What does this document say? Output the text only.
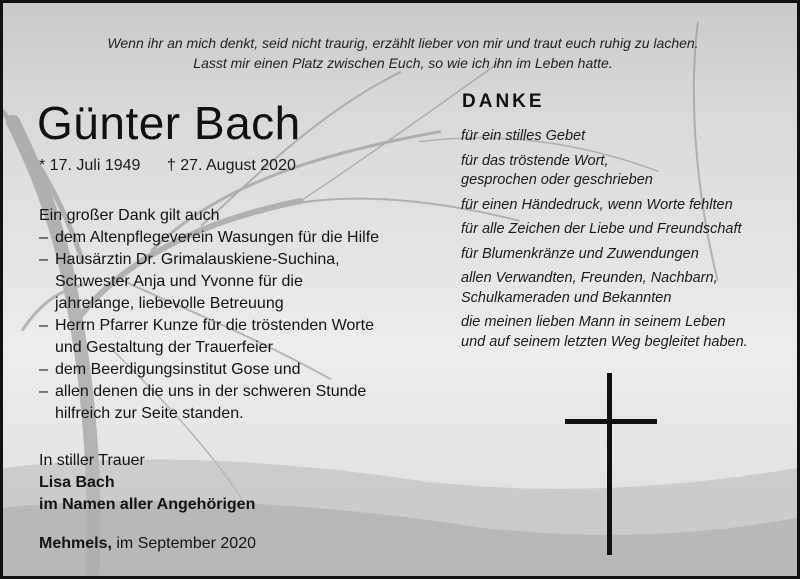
Wenn ihr an mich denkt, seid nicht traurig, erzählt lieber von mir und traut euch ruhig zu lachen.
Lasst mir einen Platz zwischen Euch, so wie ich ihn im Leben hatte.
Günter Bach
* 17. Juli 1949 † 27. August 2020
Ein großer Dank gilt auch
– dem Altenpflegeverein Wasungen für die Hilfe
– Hausärztin Dr. Grimalauskiene-Suchina,
Schwester Anja und Yvonne für die
jahrelange, liebevolle Betreuung
– Herrn Pfarrer Kunze für die tröstenden Worte
und Gestaltung der Trauerfeier
– dem Beerdigungsinstitut Gose und
– allen denen die uns in der schweren Stunde
hilfreich zur Seite standen.
In stiller Trauer
Lisa Bach
im Namen aller Angehörigen
Mehmels, im September 2020
DANKE
für ein stilles Gebet
für das tröstende Wort,
gesprochen oder geschrieben
für einen Händedruck, wenn Worte fehlten
für alle Zeichen der Liebe und Freundschaft
für Blumenkränze und Zuwendungen
allen Verwandten, Freunden, Nachbarn,
Schulkameraden und Bekannten
die meinen lieben Mann in seinem Leben
und auf seinem letzten Weg begleitet haben.
